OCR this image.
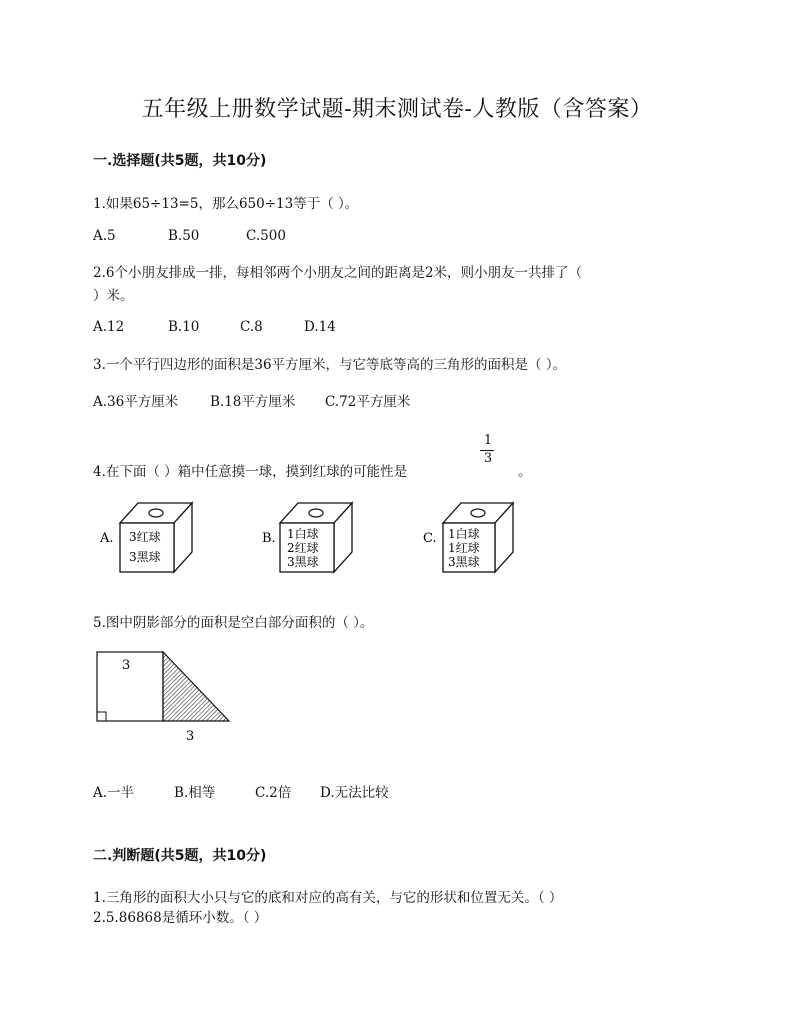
五年级上册数学试题-期末测试卷-人教版（含答案）
一.选择题(共5题，共10分)
1.如果65÷13=5，那么650÷13等于（ ）。
A.5	B.50	C.500
2.6个小朋友排成一排，每相邻两个小朋友之间的距离是2米，则小朋友一共排了（
）米。
A.12	B.10	C.8	D.14
3.一个平行四边形的面积是36平方厘米，与它等底等高的三角形的面积是（ ）。
A.36平方厘米 B.18平方厘米 C.72平方厘米
4.在下面（ ）箱中任意摸一球，摸到红球的可能性是
1
3
。
A. 3红球
3黑球
B. 1白球
2红球
3黑球
C. 1白球
1红球
3黑球
5.图中阴影部分的面积是空白部分面积的（ ）。
3
3
A.一半	B.相等	C.2倍 D.无法比较
二.判断题(共5题，共10分)
1.三角形的面积大小只与它的底和对应的高有关，与它的形状和位置无关。（ ）
2.5.86868是循环小数。（ ）
